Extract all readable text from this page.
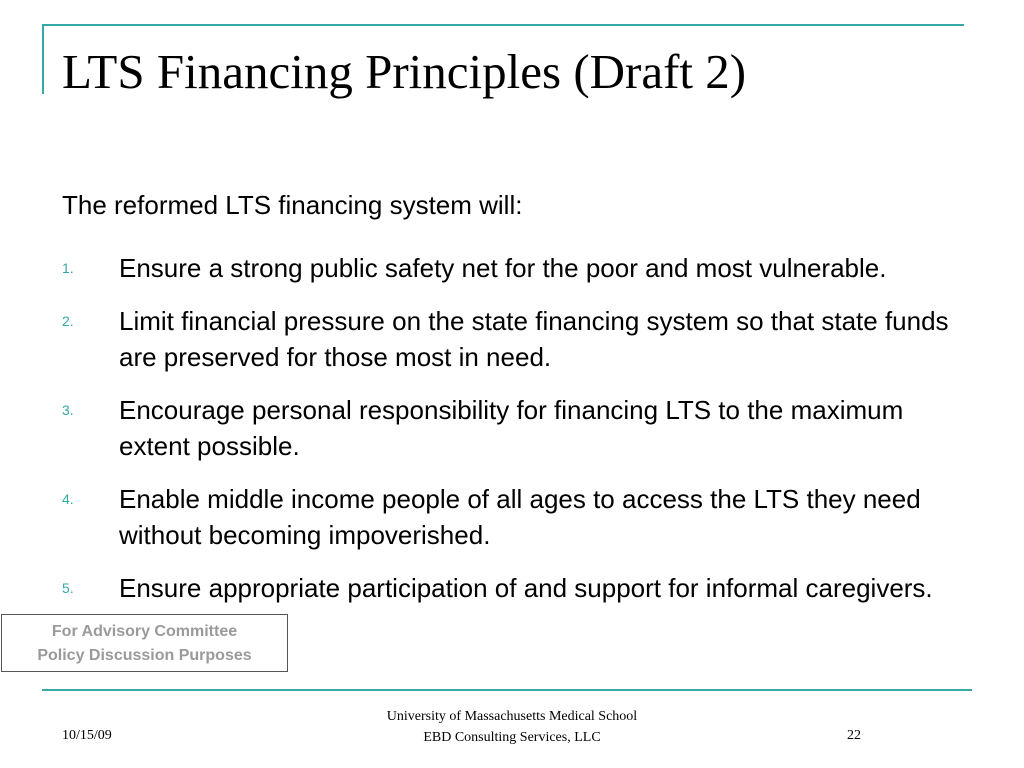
LTS Financing Principles (Draft 2)
The reformed LTS financing system will:
1. Ensure a strong public safety net for the poor and most vulnerable.
2. Limit financial pressure on the state financing system so that state funds are preserved for those most in need.
3. Encourage personal responsibility for financing LTS to the maximum extent possible.
4. Enable middle income people of all ages to access the LTS they need without becoming impoverished.
5. Ensure appropriate participation of and support for informal caregivers.
For Advisory Committee
Policy Discussion Purposes
10/15/09
University of Massachusetts Medical School
EBD Consulting Services, LLC	22
